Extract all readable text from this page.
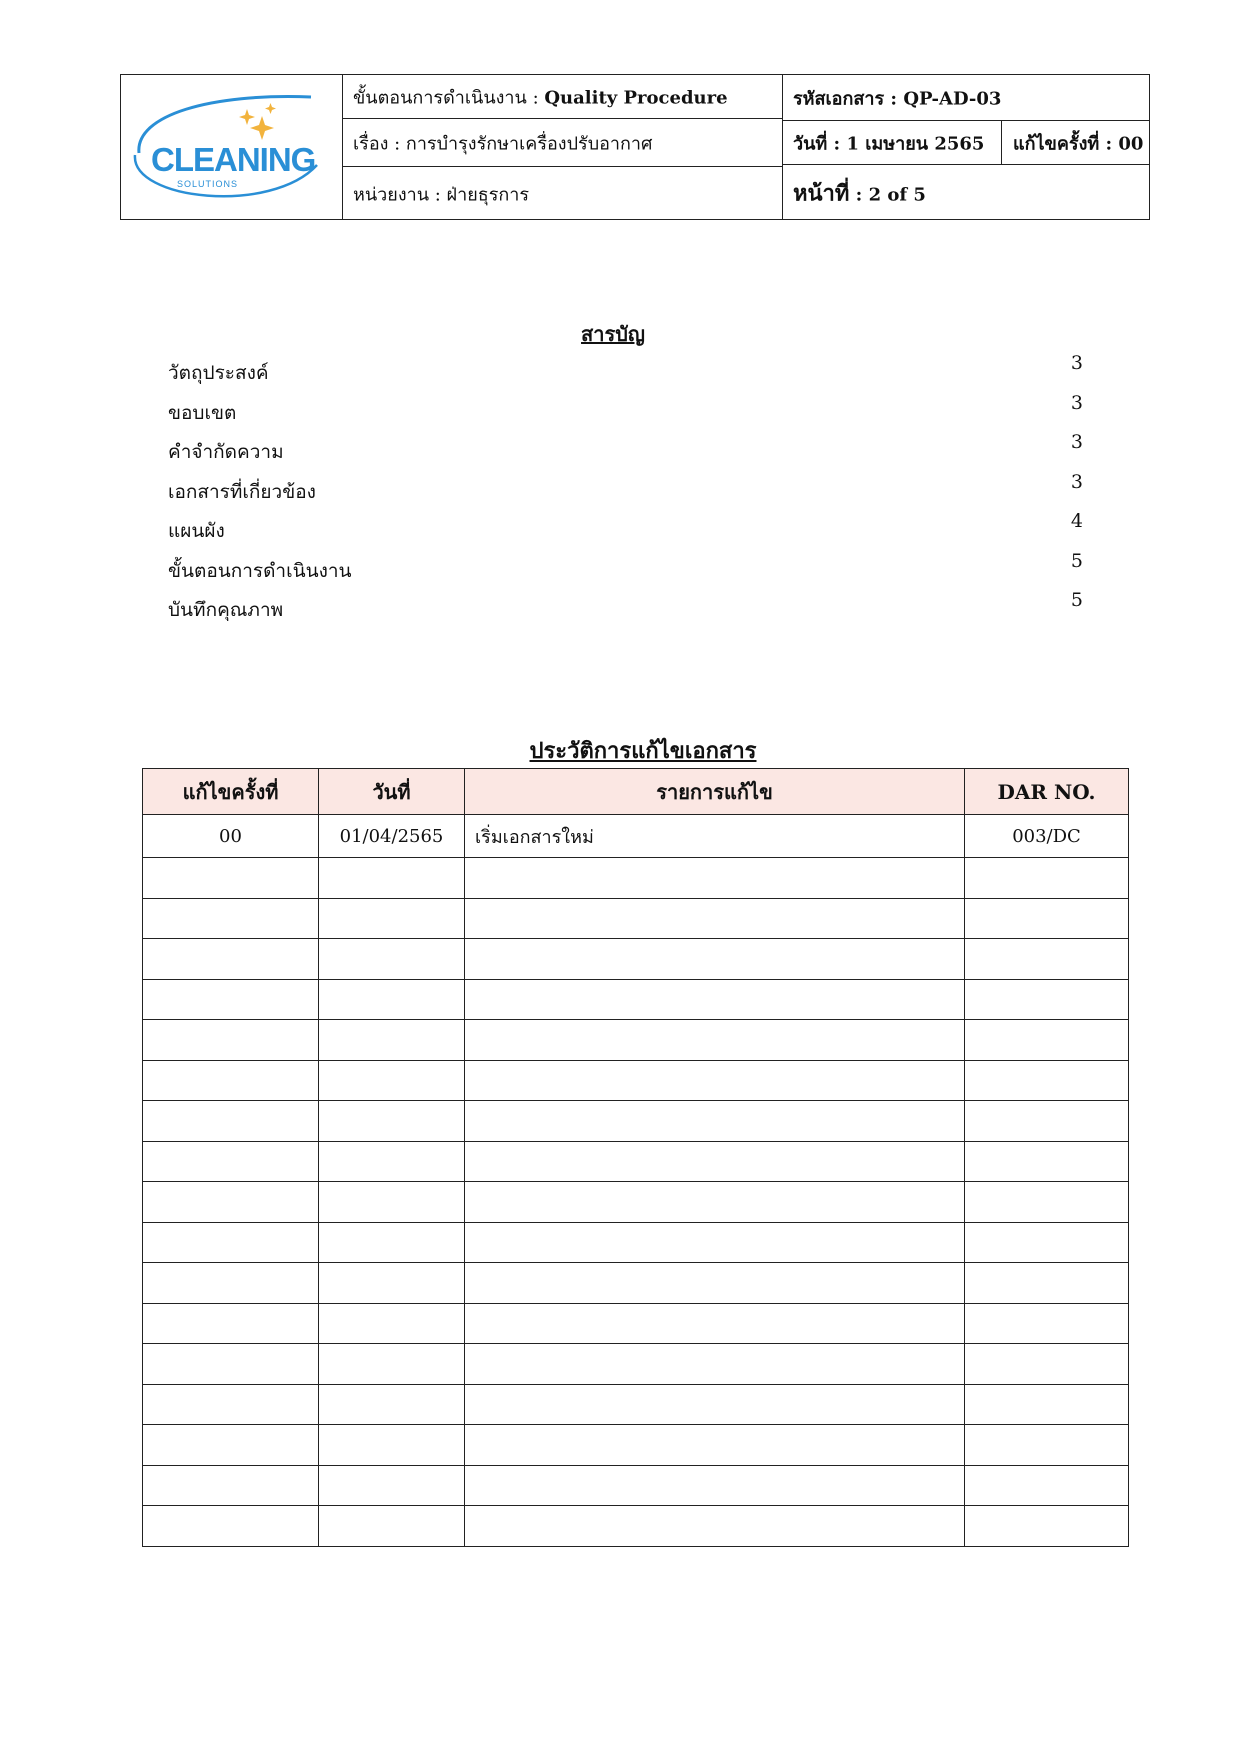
CLEANING
SOLUTIONS
ขั้นตอนการดำเนินงาน : Quality Procedure
เรื่อง : การบำรุงรักษาเครื่องปรับอากาศ
หน่วยงาน : ฝ่ายธุรการ
รหัสเอกสาร : QP-AD-03
วันที่ : 1 เมษายน 2565 แก้ไขครั้งที่ : 00
หน้าที่ : 2 of 5
สารบัญ
วัตถุประสงค์	3
ขอบเขต	3
คำจำกัดความ	3
เอกสารที่เกี่ยวข้อง	3
แผนผัง	4
ขั้นตอนการดำเนินงาน	5
บันทึกคุณภาพ	5
ประวัติการแก้ไขเอกสาร
แก้ไขครั้งที่	วันที่	รายการแก้ไข	DAR NO.
00	01/04/2565	เริ่มเอกสารใหม่	003/DC
